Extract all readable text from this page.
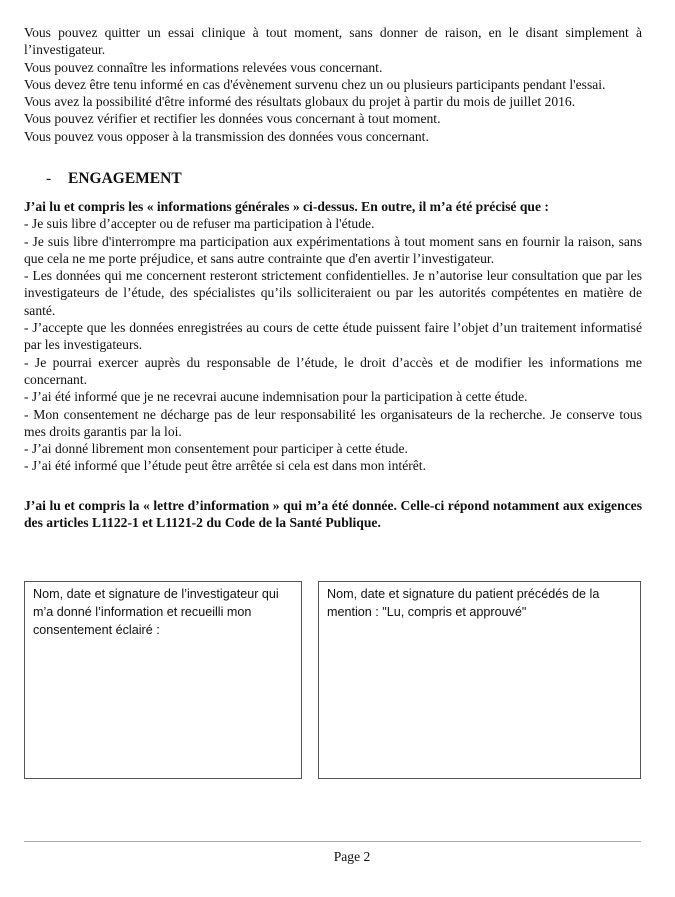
Vous pouvez quitter un essai clinique à tout moment, sans donner de raison, en le disant simplement à l’investigateur.

Vous pouvez connaître les informations relevées vous concernant.

Vous devez être tenu informé en cas d'évènement survenu chez un ou plusieurs participants pendant l'essai.

Vous avez la possibilité d'être informé des résultats globaux du projet à partir du mois de juillet 2016.

Vous pouvez vérifier et rectifier les données vous concernant à tout moment.

Vous pouvez vous opposer à la transmission des données vous concernant.

- ENGAGEMENT

J’ai lu et compris les « informations générales » ci-dessus. En outre, il m’a été précisé que :

- Je suis libre d’accepter ou de refuser ma participation à l'étude.

- Je suis libre d'interrompre ma participation aux expérimentations à tout moment sans en fournir la raison, sans que cela ne me porte préjudice, et sans autre contrainte que d'en avertir l’investigateur.

- Les données qui me concernent resteront strictement confidentielles. Je n’autorise leur consultation que par les investigateurs de l’étude, des spécialistes qu’ils solliciteraient ou par les autorités compétentes en matière de santé.

- J’accepte que les données enregistrées au cours de cette étude puissent faire l’objet d’un traitement informatisé par les investigateurs.

- Je pourrai exercer auprès du responsable de l’étude, le droit d’accès et de modifier les informations me concernant.

- J’ai été informé que je ne recevrai aucune indemnisation pour la participation à cette étude.

- Mon consentement ne décharge pas de leur responsabilité les organisateurs de la recherche. Je conserve tous mes droits garantis par la loi.

- J’ai donné librement mon consentement pour participer à cette étude.

- J’ai été informé que l’étude peut être arrêtée si cela est dans mon intérêt.

J’ai lu et compris la « lettre d’information » qui m’a été donnée. Celle-ci répond notamment aux exigences des articles L1122-1 et L1121-2 du Code de la Santé Publique.

Nom, date et signature de l’investigateur qui m’a donné l’information et recueilli mon consentement éclairé :
Nom, date et signature du patient précédés de la mention : "Lu, compris et approuvé"
Page 2
